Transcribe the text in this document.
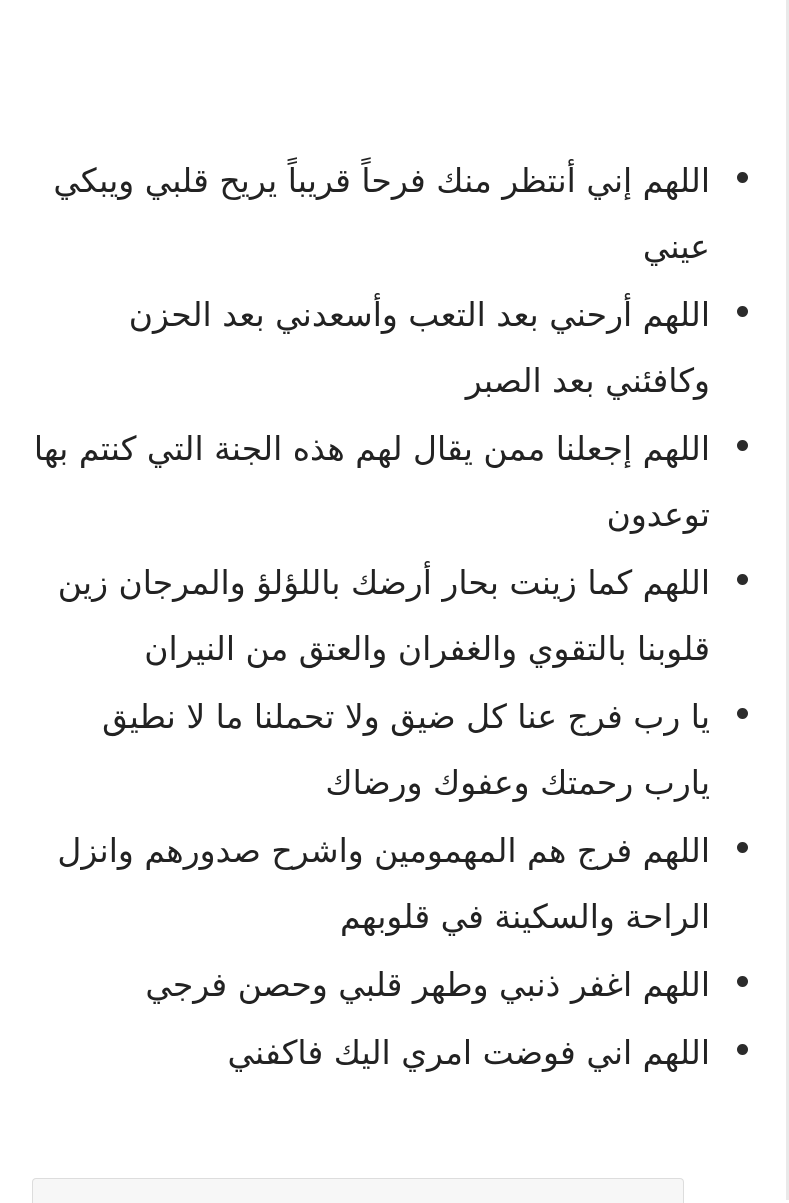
اللهم إني أنتظر منك فرحاً قريباً يريح قلبي ويبكي عيني
اللهم أرحني بعد التعب وأسعدني بعد الحزن وكافئني بعد الصبر
اللهم إجعلنا ممن يقال لهم هذه الجنة التي كنتم بها توعدون
اللهم كما زينت بحار أرضك باللؤلؤ والمرجان زين قلوبنا بالتقوي والغفران والعتق من النيران
يا رب فرج عنا كل ضيق ولا تحملنا ما لا نطيق يارب رحمتك وعفوك ورضاك
اللهم فرج هم المهمومين واشرح صدورهم وانزل الراحة والسكينة في قلوبهم
اللهم اغفر ذنبي وطهر قلبي وحصن فرجي
اللهم اني فوضت امري اليك فاكفني
